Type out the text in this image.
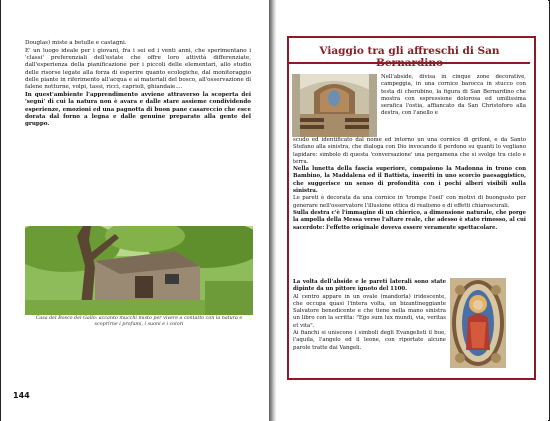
Douglas) miste a betulle e castagni.

E' un luogo ideale per i giovani, fra i sei ed i venti anni, che sperimentano i 'classi' preferenziali dell'estate che offre loro attività differenziate, dall'esperienza della pianificazione per i piccoli delle elementari, allo studio delle risorse legate alla forza di esperire quanto ecologiche, dal monitoraggio delle piante in riferimento all'acqua e ai materiali del bosco, all'osservazione di falene notturne, volpi, tassi, ricci, caprioli, ghiandaie....

In quest'ambiente l'apprendimento avviene attraverso la scoperta dei 'segni' di cui la natura non è avara e dalle stare assieme condividendo esperienze, emozioni ed una pagnotta di buon pane casareccio che esce dorata dal forno a legna e dalle genuine preparato alla gente del gruppo.

Casa del Bosco del Gallo: accanto mucchi misto per vivere a contatto con la natura e scoprirne i profumi, i suoni e i colori
144
Viaggio tra gli affreschi di San

Nell'abside, divisa in cinque zone decorative, campeggia, in una cornice barocca in stucco con testa di cherubino, la figura di San Bernardino che mostra con espressione dolorosa ed umilissima serafica l'ostia, affiancato da San Christoforo alla destra, con l'anello e

scudo ed identificato dal nome ed intorno un una cornice di grifoni, e da Santo Stefano alla sinistra, che dialoga con Dio invocando il perdono su quanti lo vegliano lapidare: simbolo di questa 'conversazione' una pergamena che si svolge tra cielo e terra.

Nella lunetta della fascia superiore, compaiono la Madonna in trono con Bambino, la Maddalena ed il Battista, inseriti in uno scorcio paesaggistico, che suggerisce un senso di profondità con i pochi alberi visibili sulla sinistra.

Le pareti è decorata da una cornice in 'trompe l'oeil' con motivi di buongusto per generare nell'osservatore l'illusione ottica di realismo e di effetti chiaroscurali.

Sulla destra c'è l'immagine di un chierico, a dimensione naturale, che porge la ampolla della Messa verso l'altare reale, che adesso è stato rimosso, al cui sacerdote: l'effetto originale doveva essere veramente spettacolare.

La volta dell'abside e le pareti laterali sono state dipinte da un pittore ignoto del 1100.

Al centro appare in un ovale (mandorla) iridescente, che occupa quasi l'intera volta, un bizantineggiante Salvatore benedicente e che tiene nella mano sinistra un libro con la scritta: "Ego sum lux mundi, via, veritas et vita".

Ai fianchi si uniscono i simboli degli Evangelisti il bue, l'aquila, l'angelo ed il leone, con riportate alcune parole tratte dai Vangeli.
